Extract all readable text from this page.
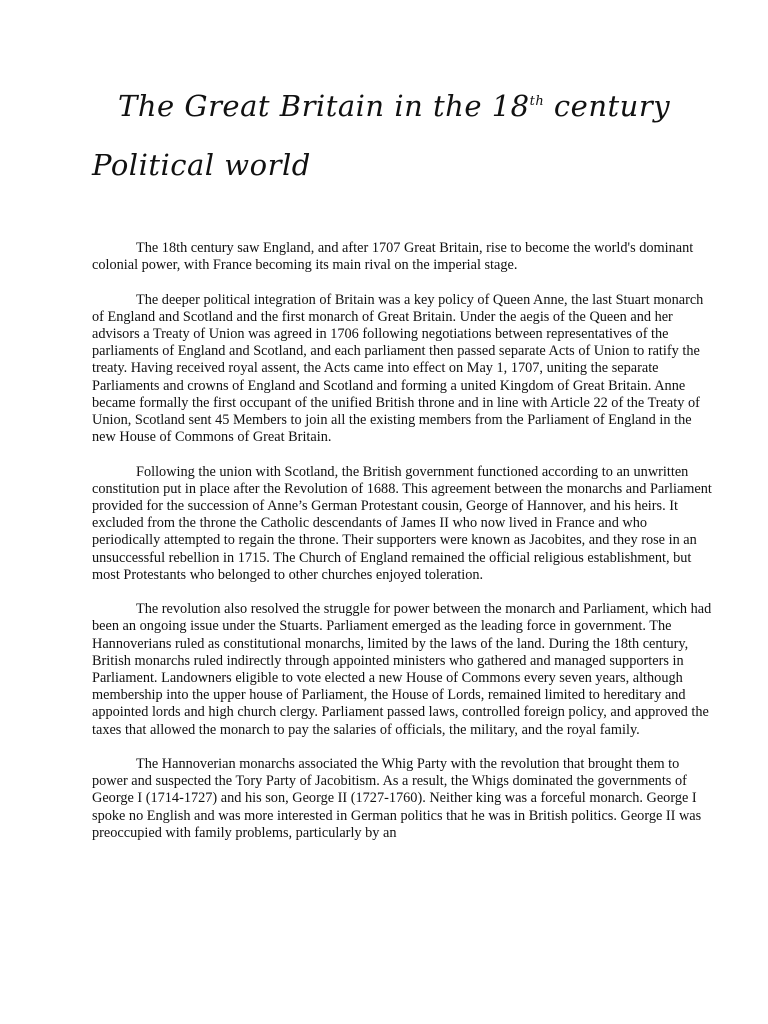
The Great Britain in the 18th century
Political world

The 18th century saw England, and after 1707 Great Britain, rise to become the world's dominant colonial power, with France becoming its main rival on the imperial stage.

The deeper political integration of Britain was a key policy of Queen Anne, the last Stuart monarch of England and Scotland and the first monarch of Great Britain. Under the aegis of the Queen and her advisors a Treaty of Union was agreed in 1706 following negotiations between representatives of the parliaments of England and Scotland, and each parliament then passed separate Acts of Union to ratify the treaty. Having received royal assent, the Acts came into effect on May 1, 1707, uniting the separate Parliaments and crowns of England and Scotland and forming a united Kingdom of Great Britain. Anne became formally the first occupant of the unified British throne and in line with Article 22 of the Treaty of Union, Scotland sent 45 Members to join all the existing members from the Parliament of England in the new House of Commons of Great Britain.

Following the union with Scotland, the British government functioned according to an unwritten constitution put in place after the Revolution of 1688. This agreement between the monarchs and Parliament provided for the succession of Anne’s German Protestant cousin, George of Hannover, and his heirs. It excluded from the throne the Catholic descendants of James II who now lived in France and who periodically attempted to regain the throne. Their supporters were known as Jacobites, and they rose in an unsuccessful rebellion in 1715. The Church of England remained the official religious establishment, but most Protestants who belonged to other churches enjoyed toleration.

The revolution also resolved the struggle for power between the monarch and Parliament, which had been an ongoing issue under the Stuarts. Parliament emerged as the leading force in government. The Hannoverians ruled as constitutional monarchs, limited by the laws of the land. During the 18th century, British monarchs ruled indirectly through appointed ministers who gathered and managed supporters in Parliament. Landowners eligible to vote elected a new House of Commons every seven years, although membership into the upper house of Parliament, the House of Lords, remained limited to hereditary and appointed lords and high church clergy. Parliament passed laws, controlled foreign policy, and approved the taxes that allowed the monarch to pay the salaries of officials, the military, and the royal family.

The Hannoverian monarchs associated the Whig Party with the revolution that brought them to power and suspected the Tory Party of Jacobitism. As a result, the Whigs dominated the governments of George I (1714-1727) and his son, George II (1727-1760). Neither king was a forceful monarch. George I spoke no English and was more interested in German politics that he was in British politics. George II was preoccupied with family problems, particularly by an
